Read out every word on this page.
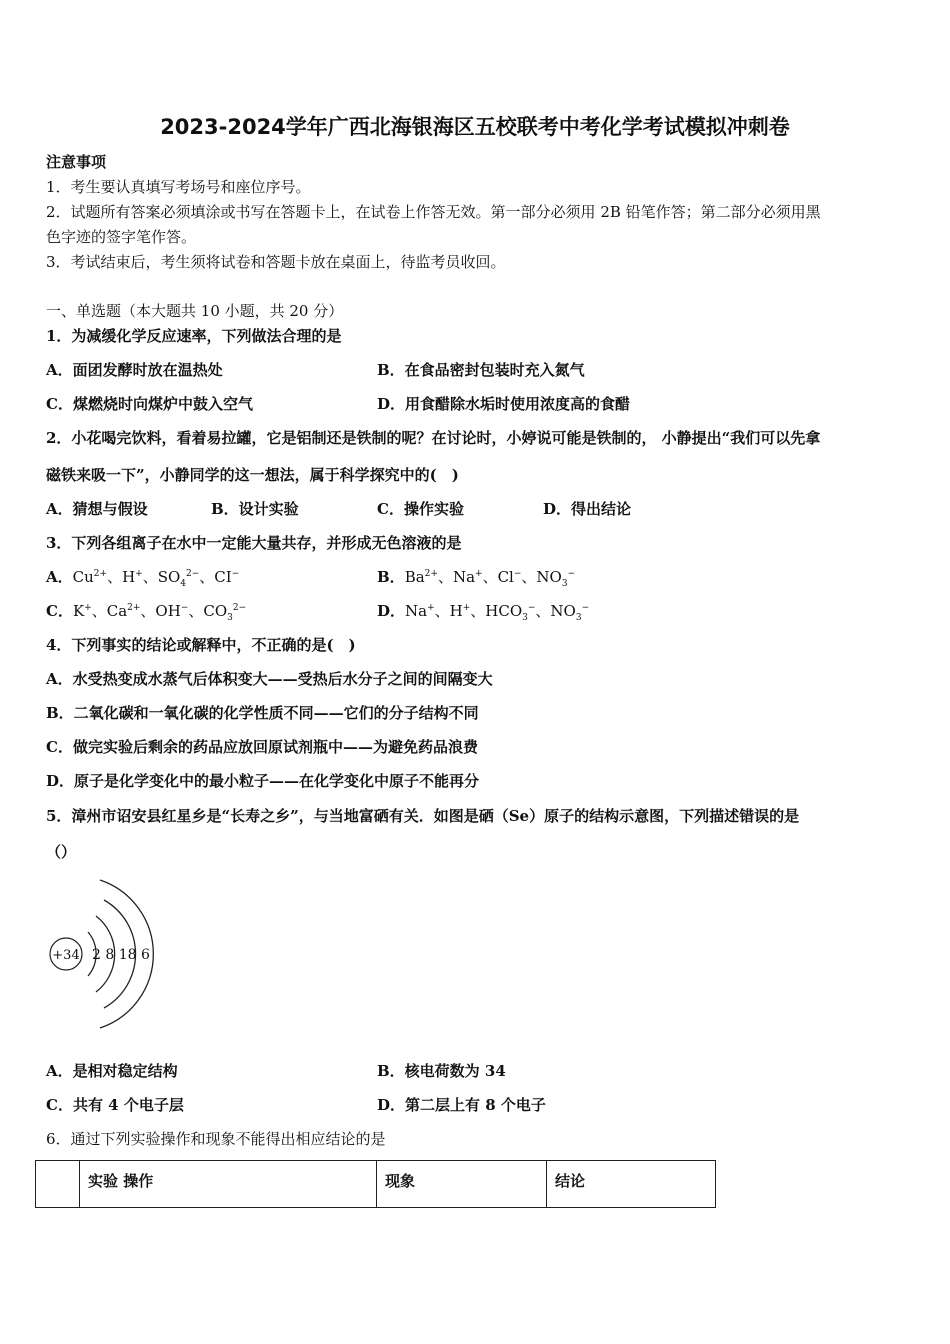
2023-2024学年广西北海银海区五校联考中考化学考试模拟冲刺卷
注意事项
1．考生要认真填写考场号和座位序号。
2．试题所有答案必须填涂或书写在答题卡上，在试卷上作答无效。第一部分必须用 2B 铅笔作答；第二部分必须用黑
色字迹的签字笔作答。
3．考试结束后，考生须将试卷和答题卡放在桌面上，待监考员收回。
一、单选题（本大题共 10 小题，共 20 分）
1．为减缓化学反应速率，下列做法合理的是
A．面团发酵时放在温热处	B．在食品密封包装时充入氮气
C．煤燃烧时向煤炉中鼓入空气	D．用食醋除水垢时使用浓度高的食醋
2．小花喝完饮料，看着易拉罐，它是铝制还是铁制的呢？在讨论时，小婷说可能是铁制的， 小静提出“我们可以先拿
磁铁来吸一下”，小静同学的这一想法，属于科学探究中的(　)
A．猜想与假设	B．设计实验	C．操作实验	D．得出结论
3．下列各组离子在水中一定能大量共存，并形成无色溶液的是
A．$Cu^{2+}$、H+、$SO_4^{2-}$、CI−	B．$Ba^{2+}$、Na+、Cl−、$NO_3^-$
C．K+、$Ca^{2+}$、OH−、$CO_3^{2-}$	D．Na+、H+、$HCO_3^-$、$NO_3^-$
4．下列事实的结论或解释中，不正确的是(　)
A．水受热变成水蒸气后体积变大——受热后水分子之间的间隔变大
B．二氧化碳和一氧化碳的化学性质不同——它们的分子结构不同
C．做完实验后剩余的药品应放回原试剂瓶中——为避免药品浪费
D．原子是化学变化中的最小粒子——在化学变化中原子不能再分
5．漳州市诏安县红星乡是“长寿之乡”，与当地富硒有关．如图是硒（Se）原子的结构示意图，下列描述错误的是
（）
+34 2 8 18 6
A．是相对稳定结构	B．核电荷数为 34
C．共有 4 个电子层	D．第二层上有 8 个电子
6．通过下列实验操作和现象不能得出相应结论的是
	实验 操作	现象	结论
